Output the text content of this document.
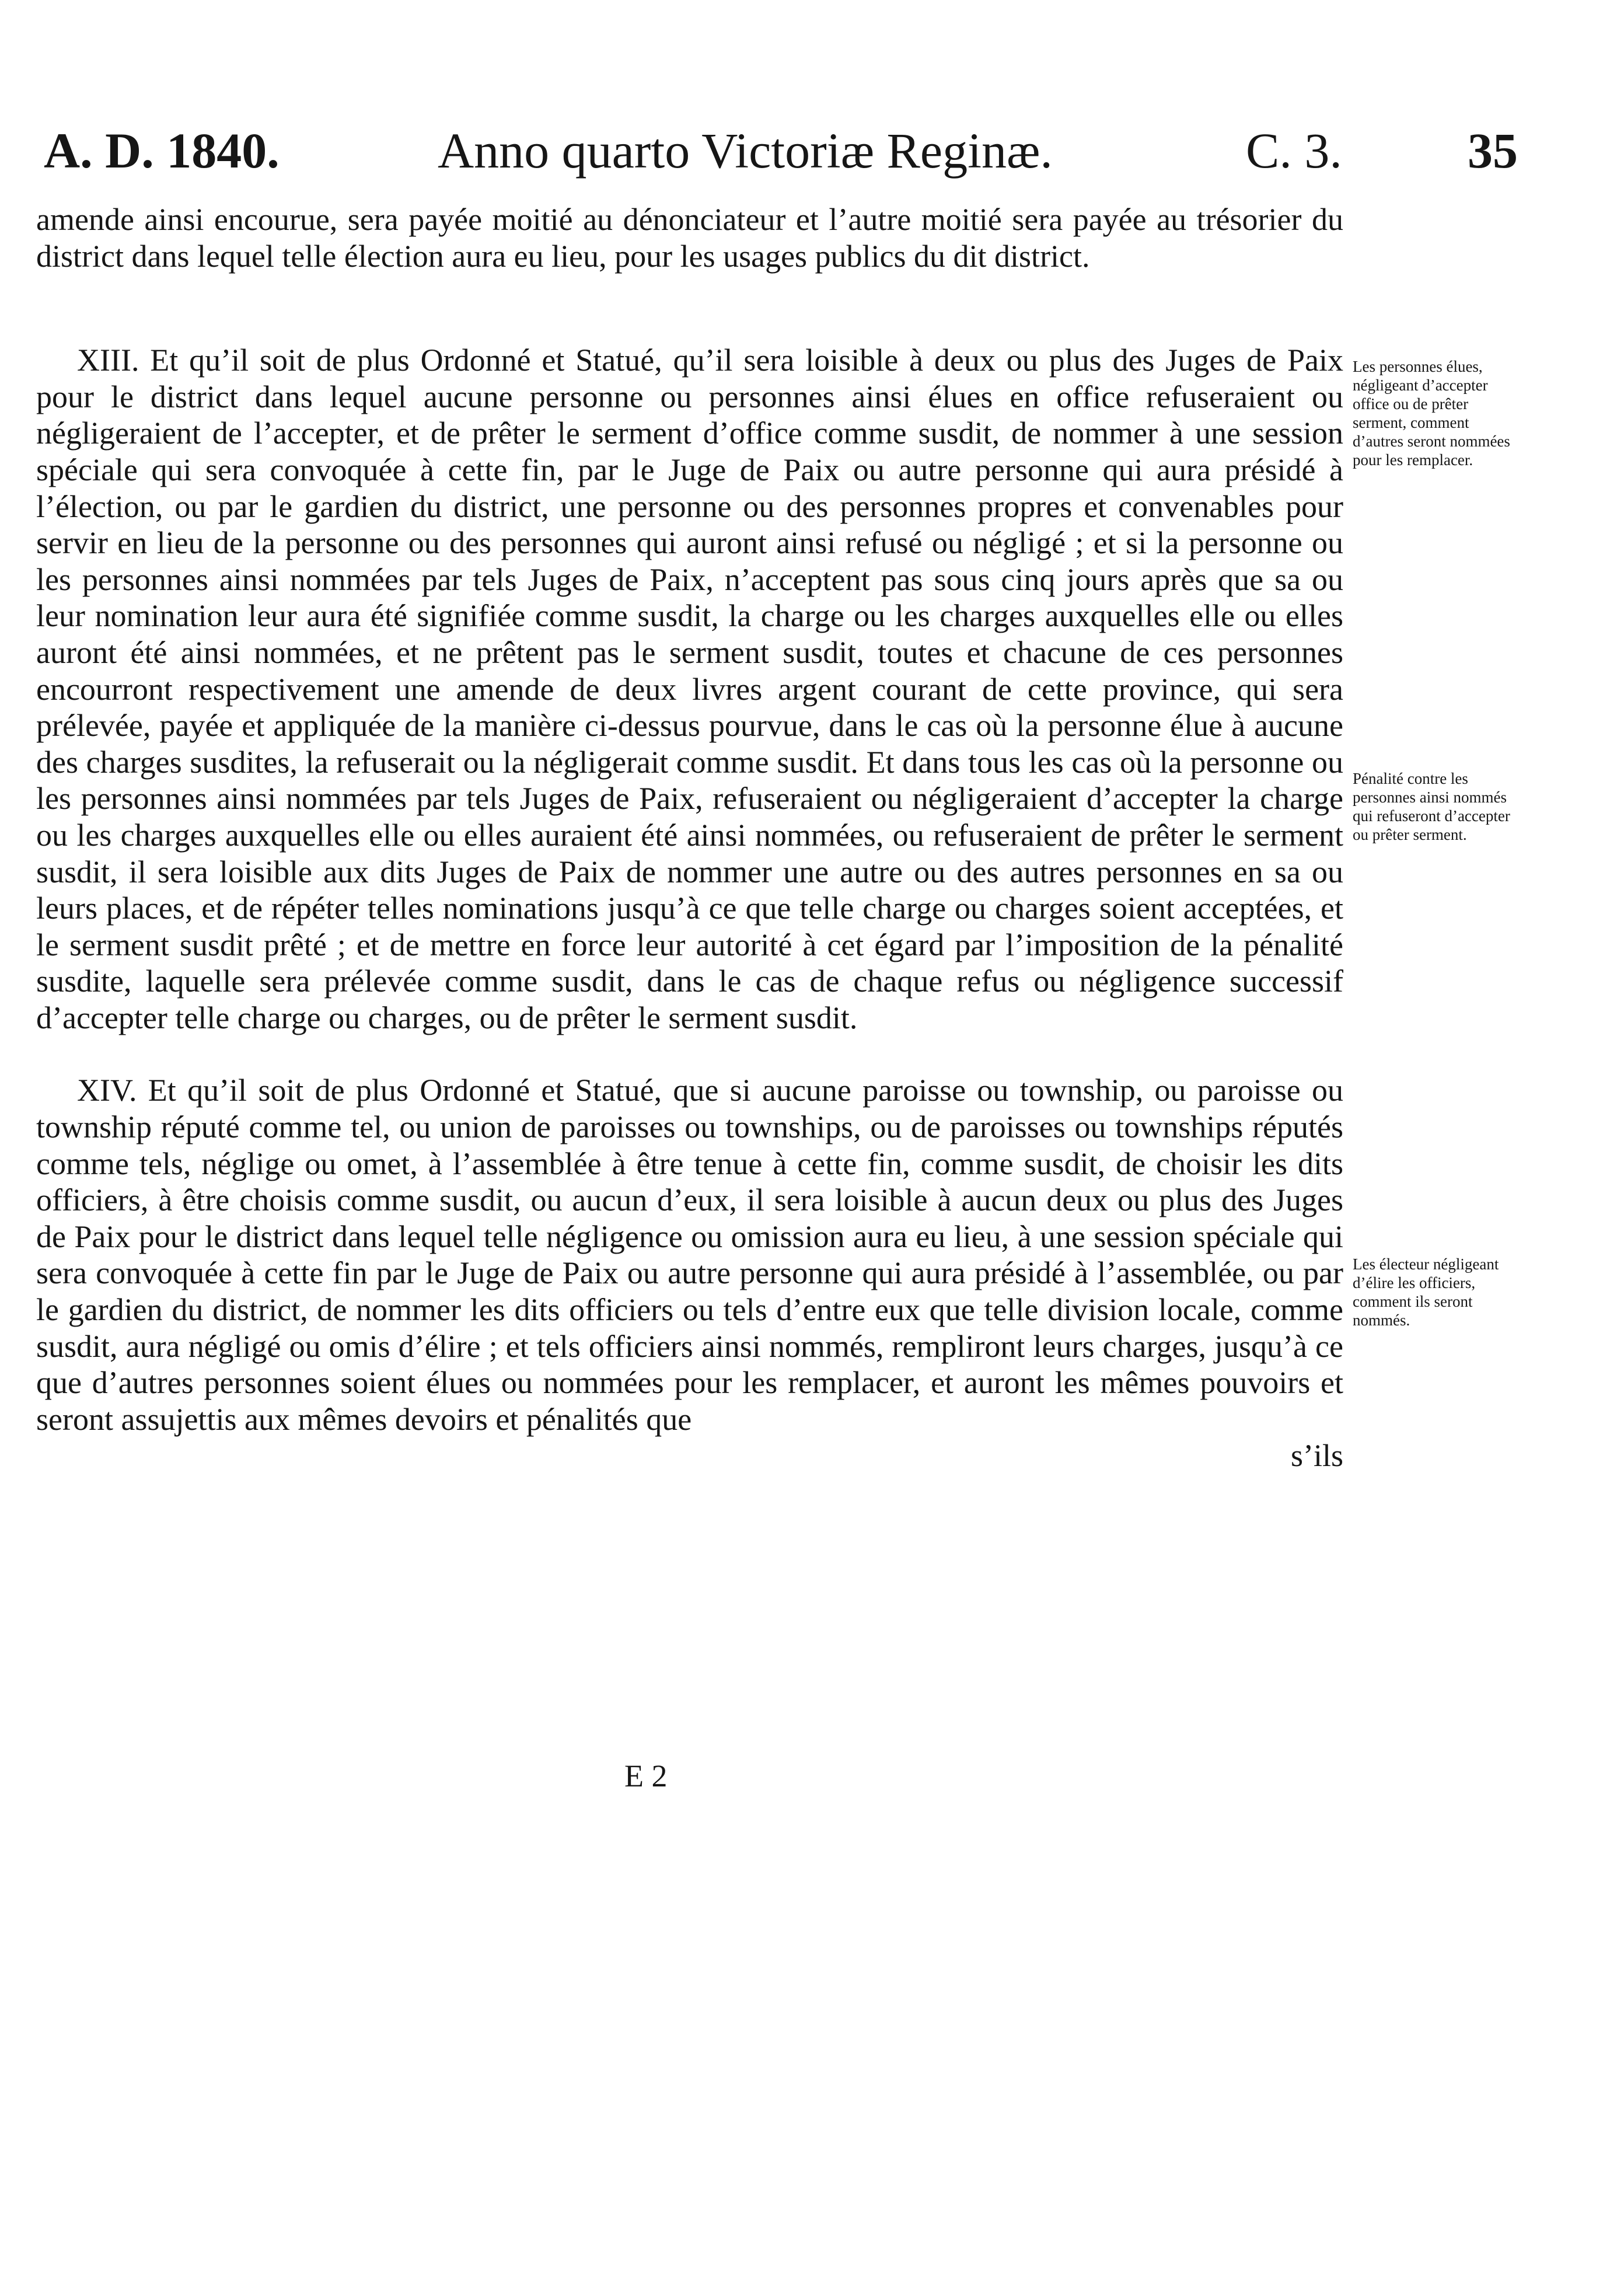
A. D. 1840.	Anno quarto Victoriæ Reginæ.	C. 3.	35

amende ainsi encourue, sera payée moitié au dénonciateur et l’autre moitié sera payée au trésorier du district dans lequel telle élection aura eu lieu, pour les usages publics du dit district.

XIII. Et qu’il soit de plus Ordonné et Statué, qu’il sera loisible à deux ou plus des Juges de Paix pour le district dans lequel aucune personne ou personnes ainsi élues en office refuseraient ou négligeraient de l’accepter, et de prêter le serment d’office comme susdit, de nommer à une session spéciale qui sera convoquée à cette fin, par le Juge de Paix ou autre personne qui aura présidé à l’élection, ou par le gardien du district, une personne ou des personnes propres et convenables pour servir en lieu de la personne ou des personnes qui auront ainsi refusé ou négligé ; et si la personne ou les personnes ainsi nommées par tels Juges de Paix, n’acceptent pas sous cinq jours après que sa ou leur nomination leur aura été signifiée comme susdit, la charge ou les charges auxquelles elle ou elles auront été ainsi nommées, et ne prêtent pas le serment susdit, toutes et chacune de ces personnes encourront respectivement une amende de deux livres argent courant de cette province, qui sera prélevée, payée et appliquée de la manière ci-dessus pourvue, dans le cas où la personne élue à aucune des charges susdites, la refuserait ou la négligerait comme susdit. Et dans tous les cas où la personne ou les personnes ainsi nommées par tels Juges de Paix, refuseraient ou négligeraient d’accepter la charge ou les charges auxquelles elle ou elles auraient été ainsi nommées, ou refuseraient de prêter le serment susdit, il sera loisible aux dits Juges de Paix de nommer une autre ou des autres personnes en sa ou leurs places, et de répéter telles nominations jusqu’à ce que telle charge ou charges soient acceptées, et le serment susdit prêté ; et de mettre en force leur autorité à cet égard par l’imposition de la pénalité susdite, laquelle sera prélevée comme susdit, dans le cas de chaque refus ou négligence successif d’accepter telle charge ou charges, ou de prêter le serment susdit.

XIV. Et qu’il soit de plus Ordonné et Statué, que si aucune paroisse ou township, ou paroisse ou township réputé comme tel, ou union de paroisses ou townships, ou de paroisses ou townships réputés comme tels, néglige ou omet, à l’assemblée à être tenue à cette fin, comme susdit, de choisir les dits officiers, à être choisis comme susdit, ou aucun d’eux, il sera loisible à aucun deux ou plus des Juges de Paix pour le district dans lequel telle négligence ou omission aura eu lieu, à une session spéciale qui sera convoquée à cette fin par le Juge de Paix ou autre personne qui aura présidé à l’assemblée, ou par le gardien du district, de nommer les dits officiers ou tels d’entre eux que telle division locale, comme susdit, aura négligé ou omis d’élire ; et tels officiers ainsi nommés, rempliront leurs charges, jusqu’à ce que d’autres personnes soient élues ou nommées pour les remplacer, et auront les mêmes pouvoirs et seront assujettis aux mêmes devoirs et pénalités que

s’ils

Les personnes élues, négligeant d’accepter office ou de prêter serment, comment d’autres seront nommées pour les remplacer.
Pénalité contre les personnes ainsi nommés qui refuseront d’accepter ou prêter serment.
Les électeur négligeant d’élire les officiers, comment ils seront nommés.
E 2
